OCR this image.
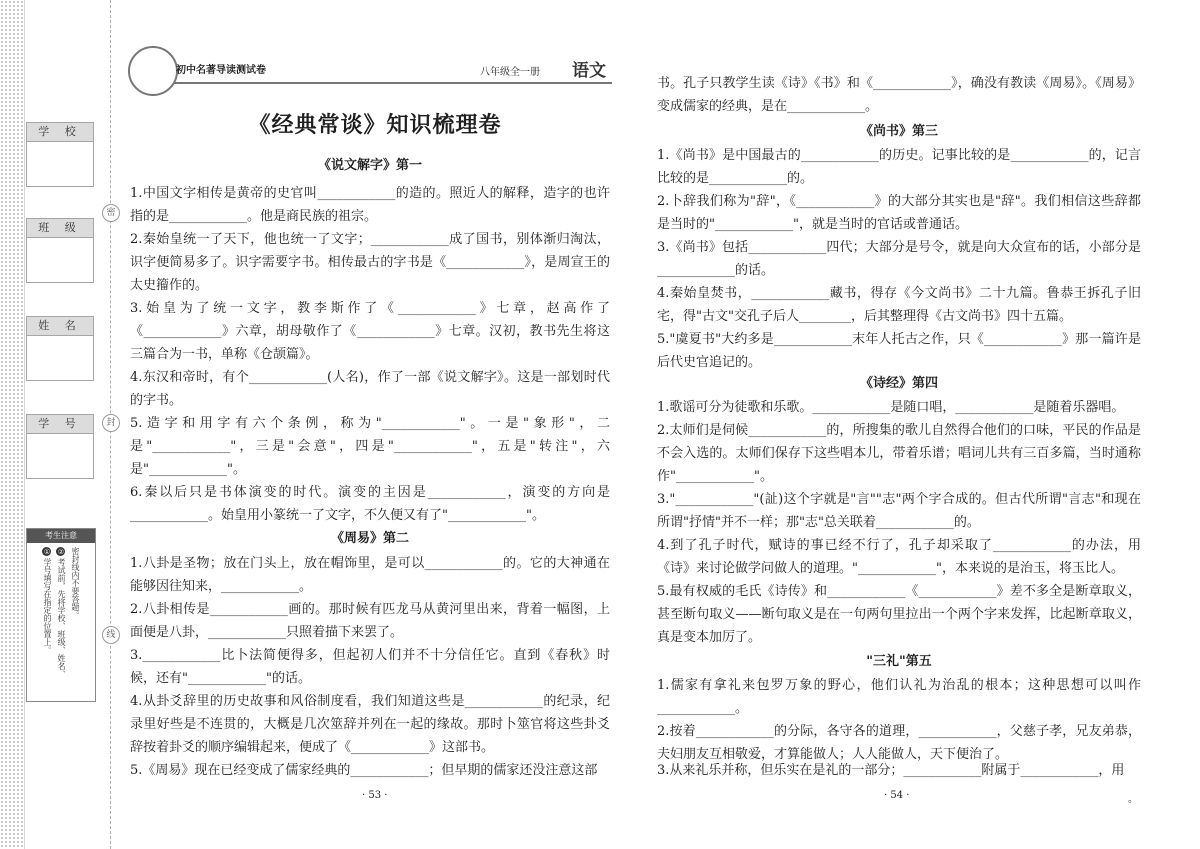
密
封
线
学 校
班 级
姓 名
学 号
考生注意
①学号填写在指定的位置上。
②考试前，先将学校、班级、姓名、 密封线内不要答题。
初中名著导读测试卷	八年级全一册 语文
《经典常谈》知识梳理卷
《说文解字》第一
1.中国文字相传是黄帝的史官叫____________的造的。照近人的解释，造字的也许指的是____________。他是商民族的祖宗。
2.秦始皇统一了天下，他也统一了文字；____________成了国书，别体渐归淘汰，识字便简易多了。识字需要字书。相传最古的字书是《____________》，是周宣王的太史籀作的。
3.始皇为了统一文字，教李斯作了《____________》七章，赵高作了《____________》六章，胡母敬作了《____________》七章。汉初，教书先生将这三篇合为一书，单称《仓颉篇》。
4.东汉和帝时，有个____________(人名)，作了一部《说文解字》。这是一部划时代的字书。
5.造字和用字有六个条例，称为"____________"。一是"象形"，二是"____________"，三是"会意"，四是"____________"，五是"转注"，六是"____________"。
6.秦以后只是书体演变的时代。演变的主因是____________，演变的方向是____________。始皇用小篆统一了文字，不久便又有了"____________"。
《周易》第二
1.八卦是圣物；放在门头上，放在帽饰里，是可以____________的。它的大神通在能够因往知来，____________。
2.八卦相传是____________画的。那时候有匹龙马从黄河里出来，背着一幅图，上面便是八卦，____________只照着描下来罢了。
3.____________比卜法简便得多，但起初人们并不十分信任它。直到《春秋》时候，还有"____________"的话。
4.从卦爻辞里的历史故事和风俗制度看，我们知道这些是____________的纪录，纪录里好些是不连贯的，大概是几次筮辞并列在一起的缘故。那时卜筮官将这些卦爻辞按着卦爻的顺序编辑起来，便成了《____________》这部书。
5.《周易》现在已经变成了儒家经典的____________；但早期的儒家还没注意这部
· 53 ·
书。孔子只教学生读《诗》《书》和《____________》，确没有教读《周易》。《周易》变成儒家的经典，是在____________。
《尚书》第三
1.《尚书》是中国最古的____________的历史。记事比较的是____________的，记言比较的是____________的。
2.卜辞我们称为"辞"，《____________》的大部分其实也是"辞"。我们相信这些辞都是当时的"____________"，就是当时的官话或普通话。
3.《尚书》包括____________四代；大部分是号令，就是向大众宣布的话，小部分是____________的话。
4.秦始皇焚书，____________藏书，得存《今文尚书》二十九篇。鲁恭王拆孔子旧宅，得"古文"交孔子后人________，后其整理得《古文尚书》四十五篇。
5."虞夏书"大约多是____________末年人托古之作，只《____________》那一篇许是后代史官追记的。
《诗经》第四
1.歌谣可分为徒歌和乐歌。____________是随口唱，____________是随着乐器唱。
2.太师们是伺候____________的，所搜集的歌儿自然得合他们的口味，平民的作品是不会入选的。太师们保存下这些唱本儿，带着乐谱；唱词儿共有三百多篇，当时通称作"____________"。
3."____________"(訨)这个字就是"言""志"两个字合成的。但古代所谓"言志"和现在所谓"抒情"并不一样；那"志"总关联着____________的。
4.到了孔子时代，赋诗的事已经不行了，孔子却采取了____________的办法，用《诗》来讨论做学问做人的道理。"____________"，本来说的是治玉，将玉比人。
5.最有权威的毛氏《诗传》和____________《____________》差不多全是断章取义，甚至断句取义——断句取义是在一句两句里拉出一个两个字来发挥，比起断章取义，真是变本加厉了。
"三礼"第五
1.儒家有拿礼来包罗万象的野心，他们认礼为治乱的根本；这种思想可以叫作____________。
2.按着____________的分际，各守各的道理，____________，父慈子孝，兄友弟恭，夫妇朋友互相敬爱，才算能做人；人人能做人，天下便治了。
3.从来礼乐并称，但乐实在是礼的一部分；____________附属于____________，用
· 54 ·	。
